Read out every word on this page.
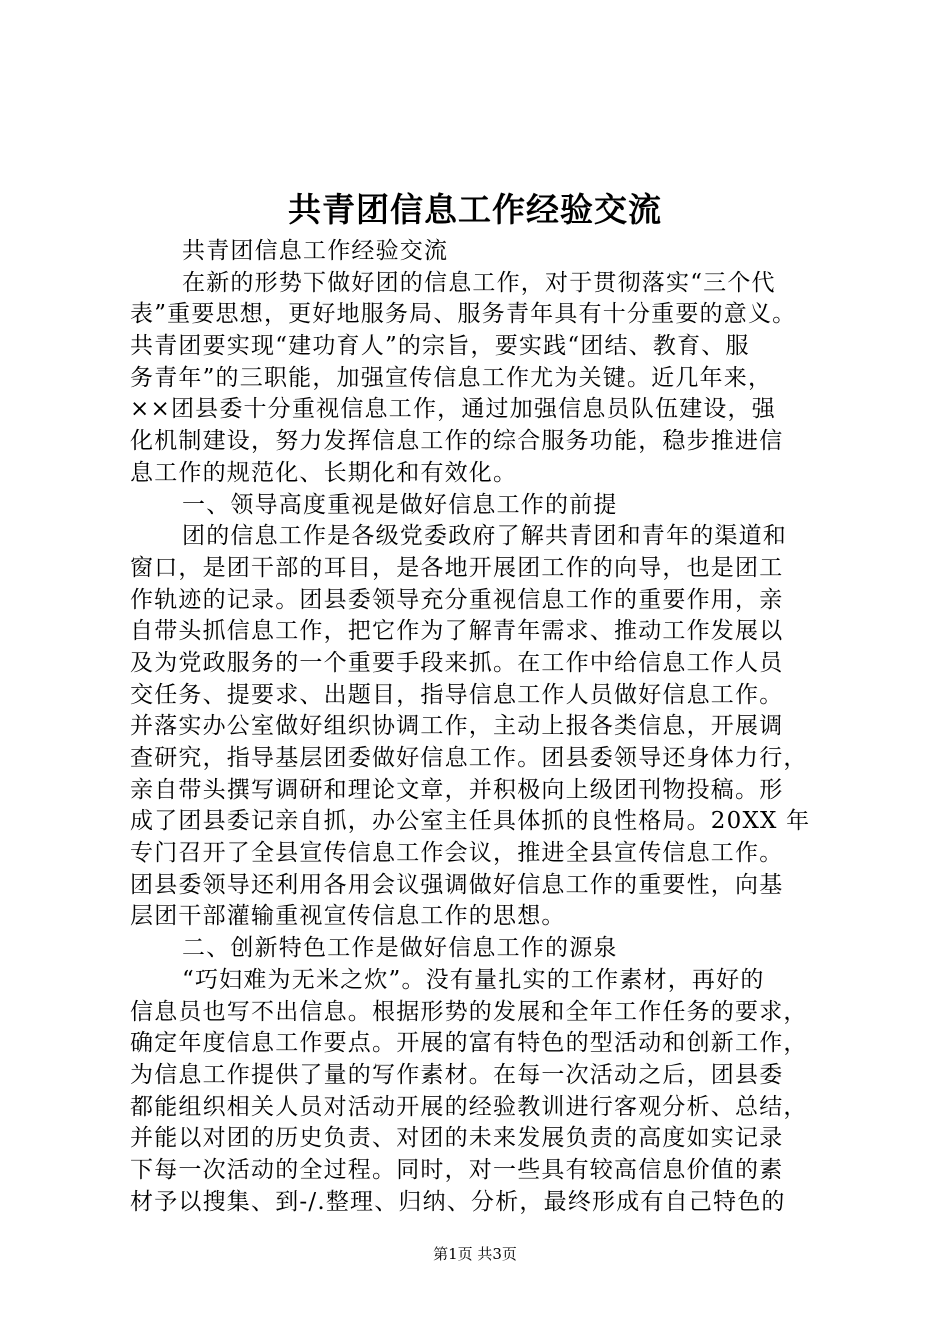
共青团信息工作经验交流
共青团信息工作经验交流
在新的形势下做好团的信息工作，对于贯彻落实“三个代
表”重要思想，更好地服务局、服务青年具有十分重要的意义。
共青团要实现“建功育人”的宗旨，要实践“团结、教育、服
务青年”的三职能，加强宣传信息工作尤为关键。近几年来，
××团县委十分重视信息工作，通过加强信息员队伍建设，强
化机制建设，努力发挥信息工作的综合服务功能，稳步推进信
息工作的规范化、长期化和有效化。
一、领导高度重视是做好信息工作的前提
团的信息工作是各级党委政府了解共青团和青年的渠道和
窗口，是团干部的耳目，是各地开展团工作的向导，也是团工
作轨迹的记录。团县委领导充分重视信息工作的重要作用，亲
自带头抓信息工作，把它作为了解青年需求、推动工作发展以
及为党政服务的一个重要手段来抓。在工作中给信息工作人员
交任务、提要求、出题目，指导信息工作人员做好信息工作。
并落实办公室做好组织协调工作，主动上报各类信息，开展调
查研究，指导基层团委做好信息工作。团县委领导还身体力行，
亲自带头撰写调研和理论文章，并积极向上级团刊物投稿。形
成了团县委记亲自抓，办公室主任具体抓的良性格局。20XX 年
专门召开了全县宣传信息工作会议，推进全县宣传信息工作。
团县委领导还利用各用会议强调做好信息工作的重要性，向基
层团干部灌输重视宣传信息工作的思想。
二、创新特色工作是做好信息工作的源泉
“巧妇难为无米之炊”。没有量扎实的工作素材，再好的
信息员也写不出信息。根据形势的发展和全年工作任务的要求，
确定年度信息工作要点。开展的富有特色的型活动和创新工作，
为信息工作提供了量的写作素材。在每一次活动之后，团县委
都能组织相关人员对活动开展的经验教训进行客观分析、总结，
并能以对团的历史负责、对团的未来发展负责的高度如实记录
下每一次活动的全过程。同时，对一些具有较高信息价值的素
材予以搜集、到-/.整理、归纳、分析，最终形成有自己特色的
第1页 共3页
